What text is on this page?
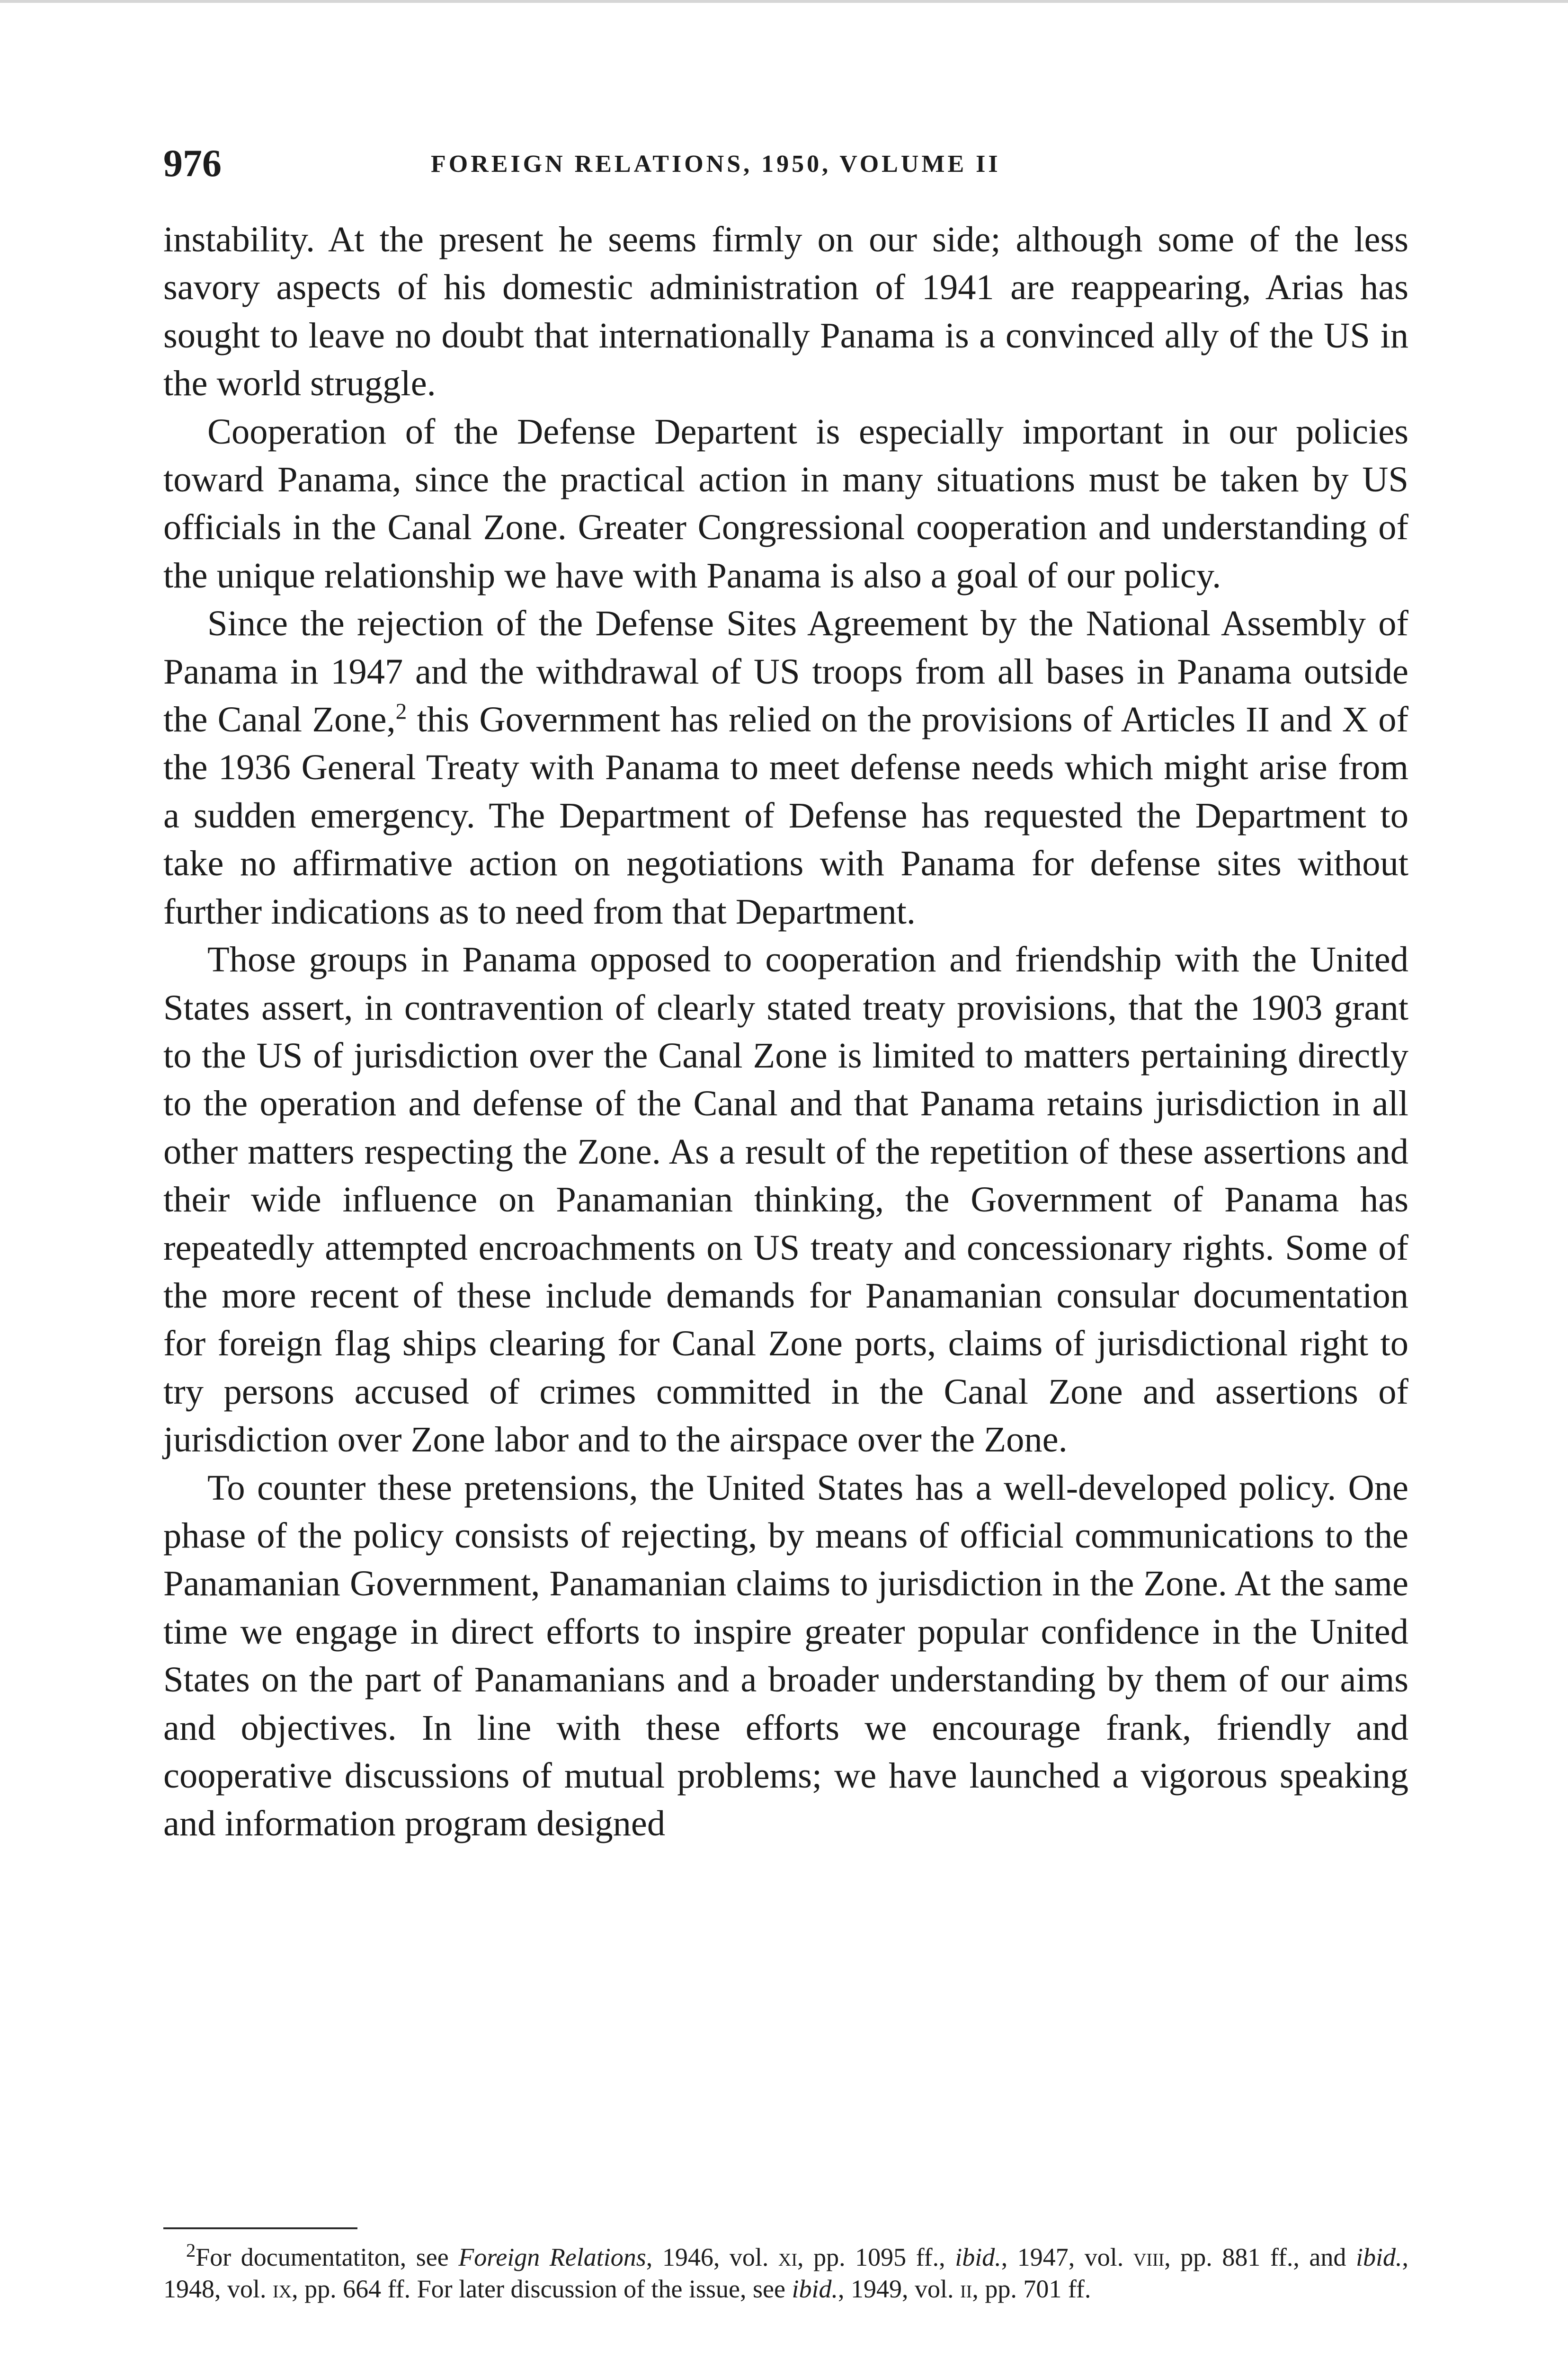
976	FOREIGN RELATIONS, 1950, VOLUME II

instability. At the present he seems firmly on our side; although some of the less savory aspects of his domestic administration of 1941 are reappearing, Arias has sought to leave no doubt that internationally Panama is a convinced ally of the US in the world struggle.

Cooperation of the Defense Departent is especially important in our policies toward Panama, since the practical action in many situations must be taken by US officials in the Canal Zone. Greater Congressional cooperation and understanding of the unique relationship we have with Panama is also a goal of our policy.

Since the rejection of the Defense Sites Agreement by the National Assembly of Panama in 1947 and the withdrawal of US troops from all bases in Panama outside the Canal Zone,$^2$ this Government has relied on the provisions of Articles II and X of the 1936 General Treaty with Panama to meet defense needs which might arise from a sudden emergency. The Department of Defense has requested the Department to take no affirmative action on negotiations with Panama for defense sites without further indications as to need from that Department.

Those groups in Panama opposed to cooperation and friendship with the United States assert, in contravention of clearly stated treaty provisions, that the 1903 grant to the US of jurisdiction over the Canal Zone is limited to matters pertaining directly to the operation and defense of the Canal and that Panama retains jurisdiction in all other matters respecting the Zone. As a result of the repetition of these assertions and their wide influence on Panamanian thinking, the Government of Panama has repeatedly attempted encroachments on US treaty and concessionary rights. Some of the more recent of these include demands for Panamanian consular documentation for foreign flag ships clearing for Canal Zone ports, claims of jurisdictional right to try persons accused of crimes committed in the Canal Zone and assertions of jurisdiction over Zone labor and to the airspace over the Zone.

To counter these pretensions, the United States has a well-developed policy. One phase of the policy consists of rejecting, by means of official communications to the Panamanian Government, Panamanian claims to jurisdiction in the Zone. At the same time we engage in direct efforts to inspire greater popular confidence in the United States on the part of Panamanians and a broader understanding by them of our aims and objectives. In line with these efforts we encourage frank, friendly and cooperative discussions of mutual problems; we have launched a vigorous speaking and information program designed

$^2$For documentatiton, see Foreign Relations, 1946, vol. xi, pp. 1095 ff., ibid., 1947, vol. viii, pp. 881 ff., and ibid., 1948, vol. ix, pp. 664 ff. For later discussion of the issue, see ibid., 1949, vol. ii, pp. 701 ff.
